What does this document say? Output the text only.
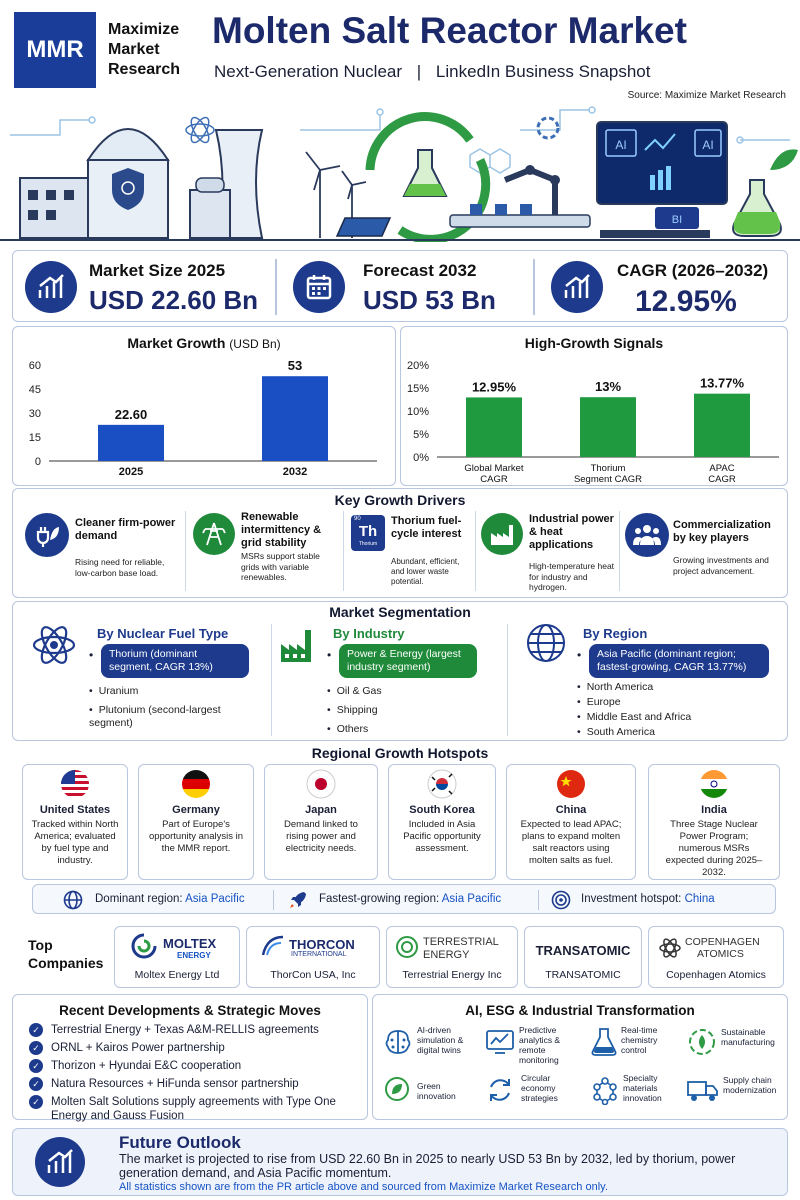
MMR
Maximize
Market
Research
Molten Salt Reactor Market
Next-Generation Nuclear | LinkedIn Business Snapshot
Source: Maximize Market Research
AI	AI
BI
Market Size 2025
USD 22.60 Bn
Forecast 2032
USD 53 Bn
CAGR (2026–2032)
12.95%
Market Growth (USD Bn)
0
15
30
45
60
22.60
2025
53
2032
High-Growth Signals
0%
5%
10%
15%
20%
12.95%
Global Market
CAGR
13%
Thorium
Segment CAGR
13.77%
APAC
CAGR
Key Growth Drivers
Cleaner firm-power demand
Rising need for reliable, low-carbon base load.
Renewable intermittency & grid stability
MSRs support stable grids with variable renewables.
90
Th
Thorium
Thorium fuel-cycle interest
Abundant, efficient, and lower waste potential.
Industrial power & heat applications
High-temperature heat for industry and hydrogen.
Commercialization by key players
Growing investments and project advancement.
Market Segmentation
By Nuclear Fuel Type
•	Thorium (dominant segment, CAGR 13%)
• Uranium
• Plutonium (second-largest segment)
By Industry
•	Power & Energy (largest industry segment)
• Oil & Gas
• Shipping
• Others
By Region
•	Asia Pacific (dominant region; fastest-growing, CAGR 13.77%)
• North America
• Europe
• Middle East and Africa
• South America
Regional Growth Hotspots
United States
Tracked within North America; evaluated by fuel type and industry.
Germany
Part of Europe's opportunity analysis in the MMR report.
Japan
Demand linked to rising power and electricity needs.
South Korea
Included in Asia Pacific opportunity assessment.
China
Expected to lead APAC; plans to expand molten salt reactors using molten salts as fuel.
India
Three Stage Nuclear Power Program; numerous MSRs expected during 2025–2032.
Dominant region: Asia Pacific	Fastest-growing region: Asia Pacific	Investment hotspot: China
Top
Companies
MOLTEX
ENERGY
Moltex Energy Ltd
THORCON
INTERNATIONAL
ThorCon USA, Inc
TERRESTRIAL
ENERGY
Terrestrial Energy Inc
TRANSATOMIC
TRANSATOMIC
COPENHAGEN
ATOMICS
Copenhagen Atomics
Recent Developments & Strategic Moves
✓ Terrestrial Energy + Texas A&M-RELLIS agreements
✓ ORNL + Kairos Power partnership
✓ Thorizon + Hyundai E&C cooperation
✓ Natura Resources + HiFunda sensor partnership
✓ Molten Salt Solutions supply agreements with Type One Energy and Gauss Fusion
AI, ESG & Industrial Transformation
AI-driven simulation & digital twins
Predictive analytics & remote monitoring
Real-time chemistry control
Sustainable manufacturing
Green innovation
Circular economy strategies
Specialty materials innovation
Supply chain modernization
Future Outlook
The market is projected to rise from USD 22.60 Bn in 2025 to nearly USD 53 Bn by 2032, led by thorium, power generation demand, and Asia Pacific momentum.
All statistics shown are from the PR article above and sourced from Maximize Market Research only.
